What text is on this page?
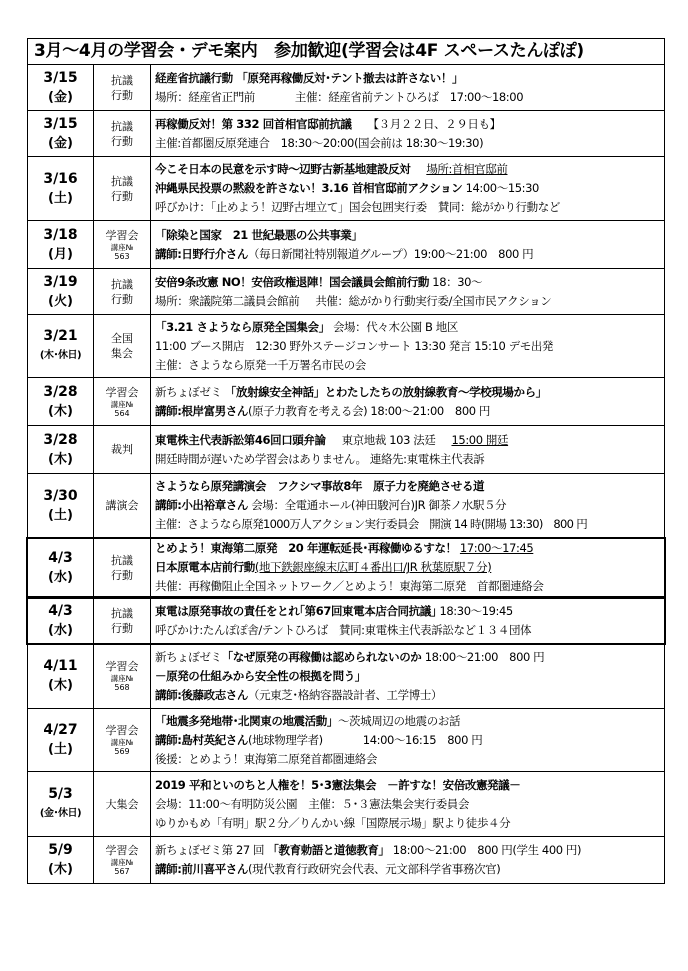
3月～4月の学習会・デモ案内　参加歓迎(学習会は4F スペースたんぽぽ)
3/15
(金)
抗議
行動
経産省抗議行動 「原発再稼働反対･テント撤去は許さない！」
場所：経産省正門前	主催：経産省前テントひろば　17:00～18:00
3/15
(金)
抗議
行動
再稼働反対！第 332 回首相官邸前抗議 【３月２２日、２９日も】
主催:首都圏反原発連合　18:30～20:00(国会前は 18:30～19:30)
3/16
(土)
抗議
行動
今こそ日本の民意を示す時～辺野古新基地建設反対 場所:首相官邸前
沖縄県民投票の黙殺を許さない！3.16 首相官邸前アクション 14:00～15:30
呼びかけ：「止めよう！辺野古埋立て」国会包囲実行委　賛同：総がかり行動など
3/18
(月)
学習会
講座№
563
「除染と国家　21 世紀最悪の公共事業」
講師:日野行介さん（毎日新聞社特別報道グループ）19:00～21:00　800 円
3/19
(火)
抗議
行動
安倍9条改憲 NO！安倍政権退陣！国会議員会館前行動 18：30～
場所：衆議院第二議員会館前 共催：総がかり行動実行委/全国市民アクション
3/21
(木･休日)
全国
集会
「3.21 さようなら原発全国集会」 会場：代々木公園 B 地区
11:00 ブース開店　12:30 野外ステージコンサート 13:30 発言 15:10 デモ出発
主催：さようなら原発一千万署名市民の会
3/28
(木)
学習会
講座№
564
新ちょぼゼミ 「放射線安全神話」とわたしたちの放射線教育～学校現場から」
講師:根岸富男さん(原子力教育を考える会) 18:00～21:00　800 円
3/28
(木)
裁判
東電株主代表訴訟第46回口頭弁論 東京地裁 103 法廷 15:00 開廷
開廷時間が遅いため学習会はありません。 連絡先:東電株主代表訴
3/30
(土)
講演会
さようなら原発講演会　フクシマ事故8年　原子力を廃絶させる道
講師:小出裕章さん 会場：全電通ホール(神田駿河台)JR 御茶ノ水駅５分
主催：さようなら原発1000万人アクション実行委員会　開演 14 時(開場 13:30)　800 円
4/3
(水)
抗議
行動
とめよう！東海第二原発　20 年運転延長･再稼働ゆるすな！ 17:00～17:45
日本原電本店前行動(地下鉄銀座線末広町４番出口/JR 秋葉原駅７分)
共催：再稼働阻止全国ネットワーク／とめよう！東海第二原発　首都圏連絡会
4/3
(水)
抗議
行動
東電は原発事故の責任をとれ｢第67回東電本店合同抗議｣ 18:30～19:45
呼びかけ:たんぽぽ舎/テントひろば　賛同:東電株主代表訴訟など１３４団体
4/11
(木)
学習会
講座№
568
新ちょぼゼミ「なぜ原発の再稼働は認められないのか 18:00～21:00　800 円
－原発の仕組みから安全性の根拠を問う」
講師:後藤政志さん（元東芝･格納容器設計者、工学博士）
4/27
(土)
学習会
講座№
569
「地震多発地帯･北関東の地震活動」～茨城周辺の地震のお話
講師:島村英紀さん(地球物理学者)	14:00～16:15　800 円
後援：とめよう！東海第二原発首都圏連絡会
5/3
(金･休日)
大集会
2019 平和といのちと人権を！5･3憲法集会　－許すな！安倍改憲発議－
会場：11:00～有明防災公園　主催：５･３憲法集会実行委員会
ゆりかもめ「有明」駅２分／りんかい線「国際展示場」駅より徒歩４分
5/9
(木)
学習会
講座№
567
新ちょぼゼミ第 27 回 「教育勅語と道徳教育」 18:00～21:00　800 円(学生 400 円)
講師:前川喜平さん(現代教育行政研究会代表、元文部科学省事務次官)
